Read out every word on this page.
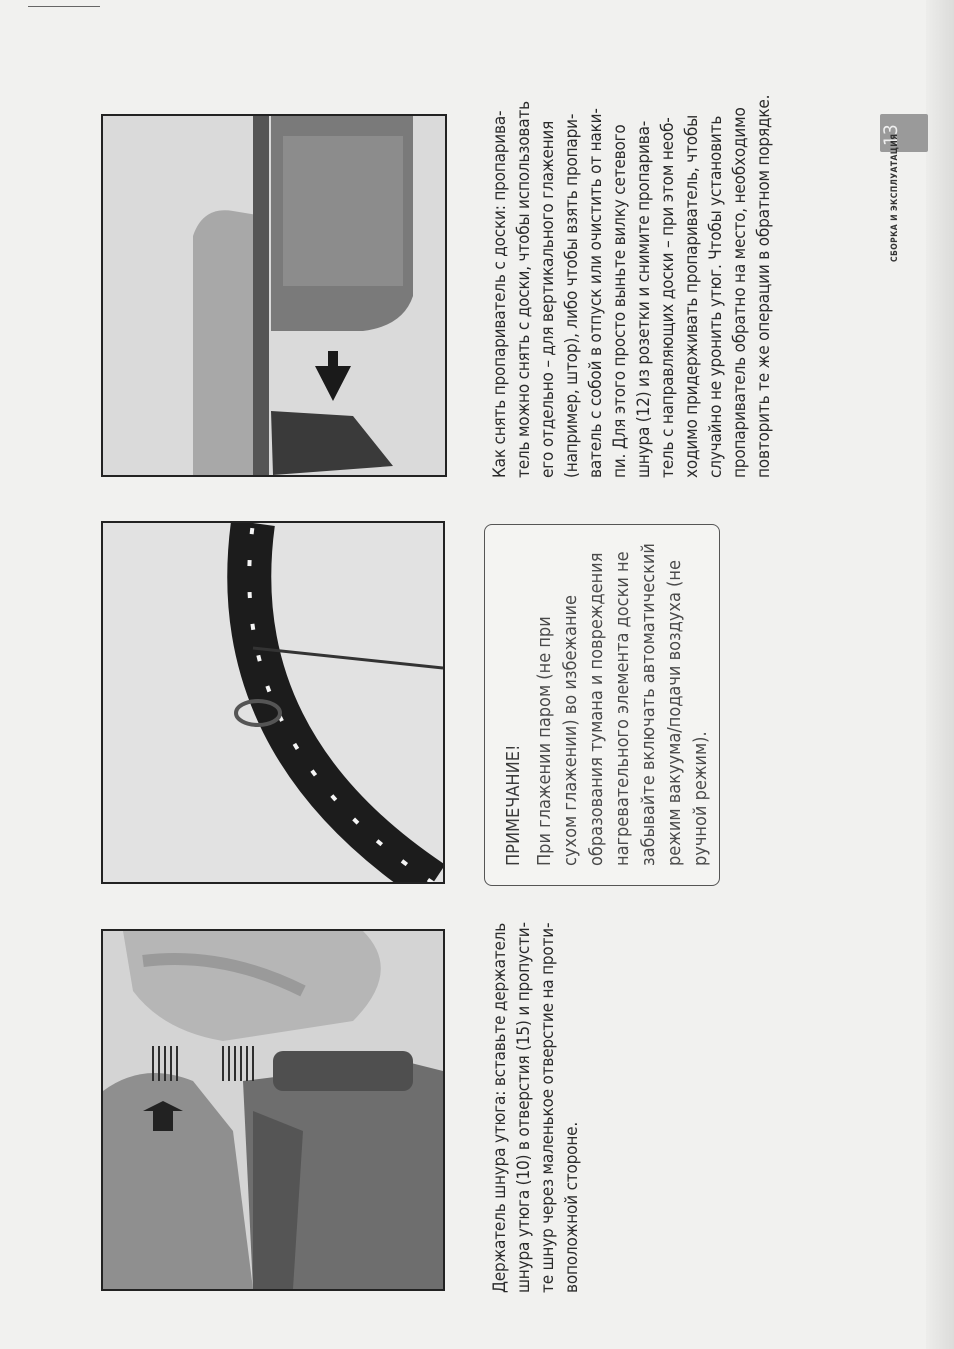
Держатель шнура утюга: вставьте держатель шнура утюга (10) в отверстия (15) и пропусти- те шнур через маленькое отверстие на проти- воположной стороне.
ПРИМЕЧАНИЕ! При глажении паром (не при сухом глажении) во избежание образования тумана и повреждения нагревательного элемента доски не забывайте включать автоматический режим вакуума/подачи воздуха (не ручной режим).
Как снять пропариватель с доски: пропарива- тель можно снять с доски, чтобы использовать его отдельно – для вертикального глажения (например, штор), либо чтобы взять пропари- ватель с собой в отпуск или очистить от наки- пи. Для этого просто выньте вилку сетевого шнура (12) из розетки и снимите пропарива- тель с направляющих доски – при этом необ- ходимо придерживать пропариватель, чтобы случайно не уронить утюг. Чтобы установить пропариватель обратно на место, необходимо повторить те же операции в обратном порядке.	13
СБОРКА И ЭКСПЛУАТАЦИЯ
